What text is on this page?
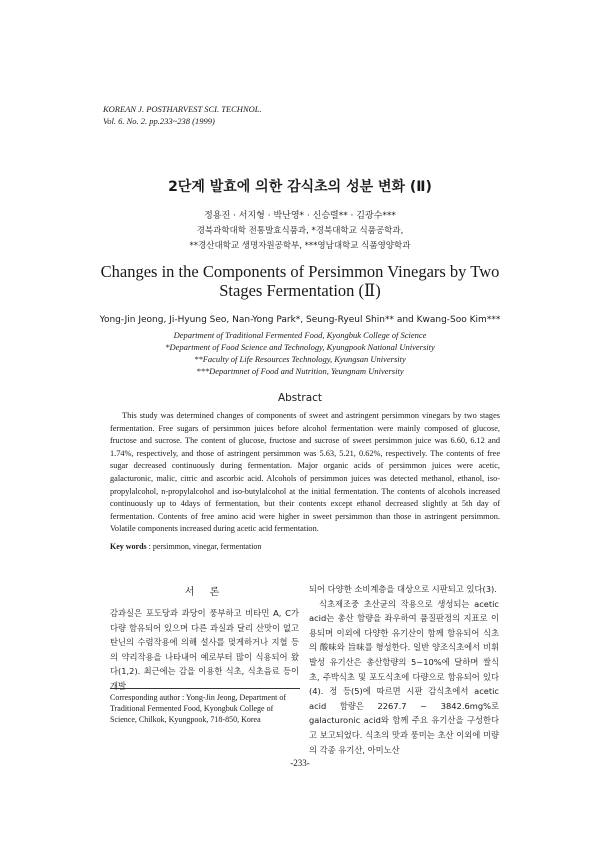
KOREAN J. POSTHARVEST SCI. TECHNOL.
Vol. 6. No. 2. pp.233~238 (1999)
2단계 발효에 의한 감식초의 성분 변화 (Ⅱ)
정용진 · 서지형 · 박난영* · 신승렬** · 김광수***
경북과학대학 전통발효식품과, *경북대학교 식품공학과,
**경산대학교 생명자원공학부, ***영남대학교 식품영양학과
Changes in the Components of Persimmon Vinegars by Two
Stages Fermentation (Ⅱ)
Yong-Jin Jeong, Ji-Hyung Seo, Nan-Yong Park*, Seung-Ryeul Shin** and Kwang-Soo Kim***
Department of Traditional Fermented Food, Kyongbuk College of Science
*Department of Food Science and Technology, Kyungpook National University
**Faculty of Life Resources Technology, Kyungsan University
***Departmnet of Food and Nutrition, Yeungnam University
Abstract

This study was determined changes of components of sweet and astringent persimmon vinegars by two stages fermentation. Free sugars of persimmon juices before alcohol fermentation were mainly composed of glucose, fructose and sucrose. The content of glucose, fructose and sucrose of sweet persimmon juice was 6.60, 6.12 and 1.74%, respectively, and those of astringent persimmon was 5.63, 5.21, 0.62%, respectively. The contents of free sugar decreased continuously during fermentation. Major organic acids of persimmon juices were acetic, galacturonic, malic, citric and ascorbic acid. Alcohols of persimmon juices was detected methanol, ethanol, iso-propylalcohol, n-propylalcohol and iso-butylalcohol at the initial fermentation. The contents of alcohols increased continuously up to 4days of fermentation, but their contents except ethanol decreased slightly at 5th day of fermentation. Contents of free amino acid were higher in sweet persimmon than those in astringent persimmon. Volatile components increased during acetic acid fermentation.

Key words : persimmon, vinegar, fermentation
서 론

감과실은 포도당과 과당이 풍부하고 비타민 A, C가 다량 함유되어 있으며 다른 과실과 달리 산맛이 없고 탄닌의 수렴작용에 의해 설사를 멎게하거나 지혈 등의 약리작용을 나타내어 예로부터 많이 식용되어 왔다(1,2). 최근에는 감을 이용한 식초, 식초음료 등이 개발

Corresponding author : Yong-Jin Jeong, Department of Traditional Fermented Food, Kyongbuk College of Science, Chilkok, Kyungpook, 718-850, Korea

되어 다양한 소비계층을 대상으로 시판되고 있다(3).

식초제조중 초산균의 작용으로 생성되는 acetic acid는 총산 함량을 좌우하여 품질판정의 지표로 이용되며 이외에 다양한 유기산이 함께 함유되어 식초의 酸味와 旨味를 형성한다. 일반 양조식초에서 비휘발성 유기산은 총산함량의 5~10%에 달하며 쌀식초, 주박식초 및 포도식초에 다량으로 함유되어 있다(4). 정 등(5)에 따르면 시판 감식초에서 acetic acid 함량은 2267.7 ~ 3842.6mg%로 galacturonic acid와 함께 주요 유기산을 구성한다고 보고되었다. 식초의 맛과 풍미는 초산 이외에 미량의 각종 유기산, 아미노산

-233-
